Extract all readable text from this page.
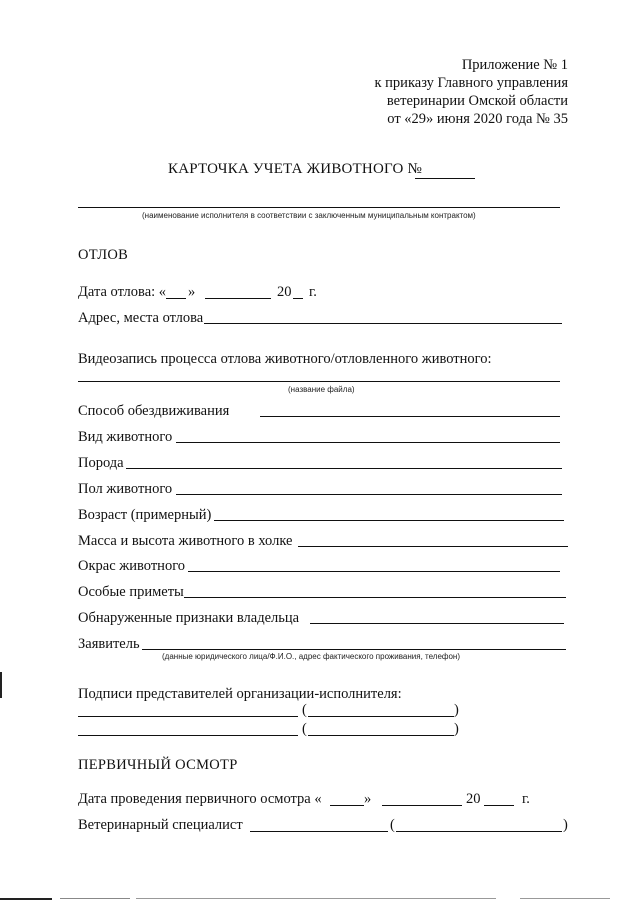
Приложение № 1
к приказу Главного управления
ветеринарии Омской области
от «29» июня 2020 года № 35
КАРТОЧКА УЧЕТА ЖИВОТНОГО №
(наименование исполнителя в соответствии с заключенным муниципальным контрактом)
ОТЛОВ
Дата отлова: « »	20 г.
Адрес, места отлова
Видеозапись процесса отлова животного/отловленного животного:
(название файла)
Способ обездвиживания
Вид животного
Порода
Пол животного
Возраст (примерный)
Масса и высота животного в холке
Окрас животного
Особые приметы
Обнаруженные признаки владельца
Заявитель
(данные юридического лица/Ф.И.О., адрес фактического проживания, телефон)
Подписи представителей организации-исполнителя:
(	)
(	)
ПЕРВИЧНЫЙ ОСМОТР
Дата проведения первичного осмотра «	»	20	г.
Ветеринарный специалист	(	)
